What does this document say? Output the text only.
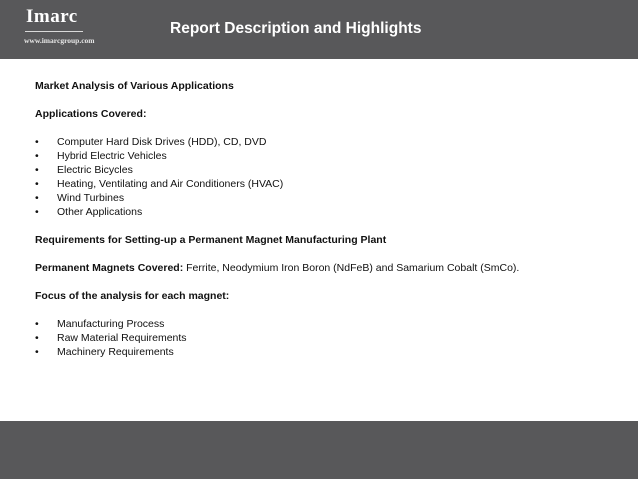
Imarc
www.imarcgroup.com
Report Description and Highlights

Market Analysis of Various Applications

Applications Covered:

• Computer Hard Disk Drives (HDD), CD, DVD
• Hybrid Electric Vehicles
• Electric Bicycles
• Heating, Ventilating and Air Conditioners (HVAC)
• Wind Turbines
• Other Applications

Requirements for Setting-up a Permanent Magnet Manufacturing Plant

Permanent Magnets Covered: Ferrite, Neodymium Iron Boron (NdFeB) and Samarium Cobalt (SmCo).

Focus of the analysis for each magnet:

• Manufacturing Process
• Raw Material Requirements
• Machinery Requirements
